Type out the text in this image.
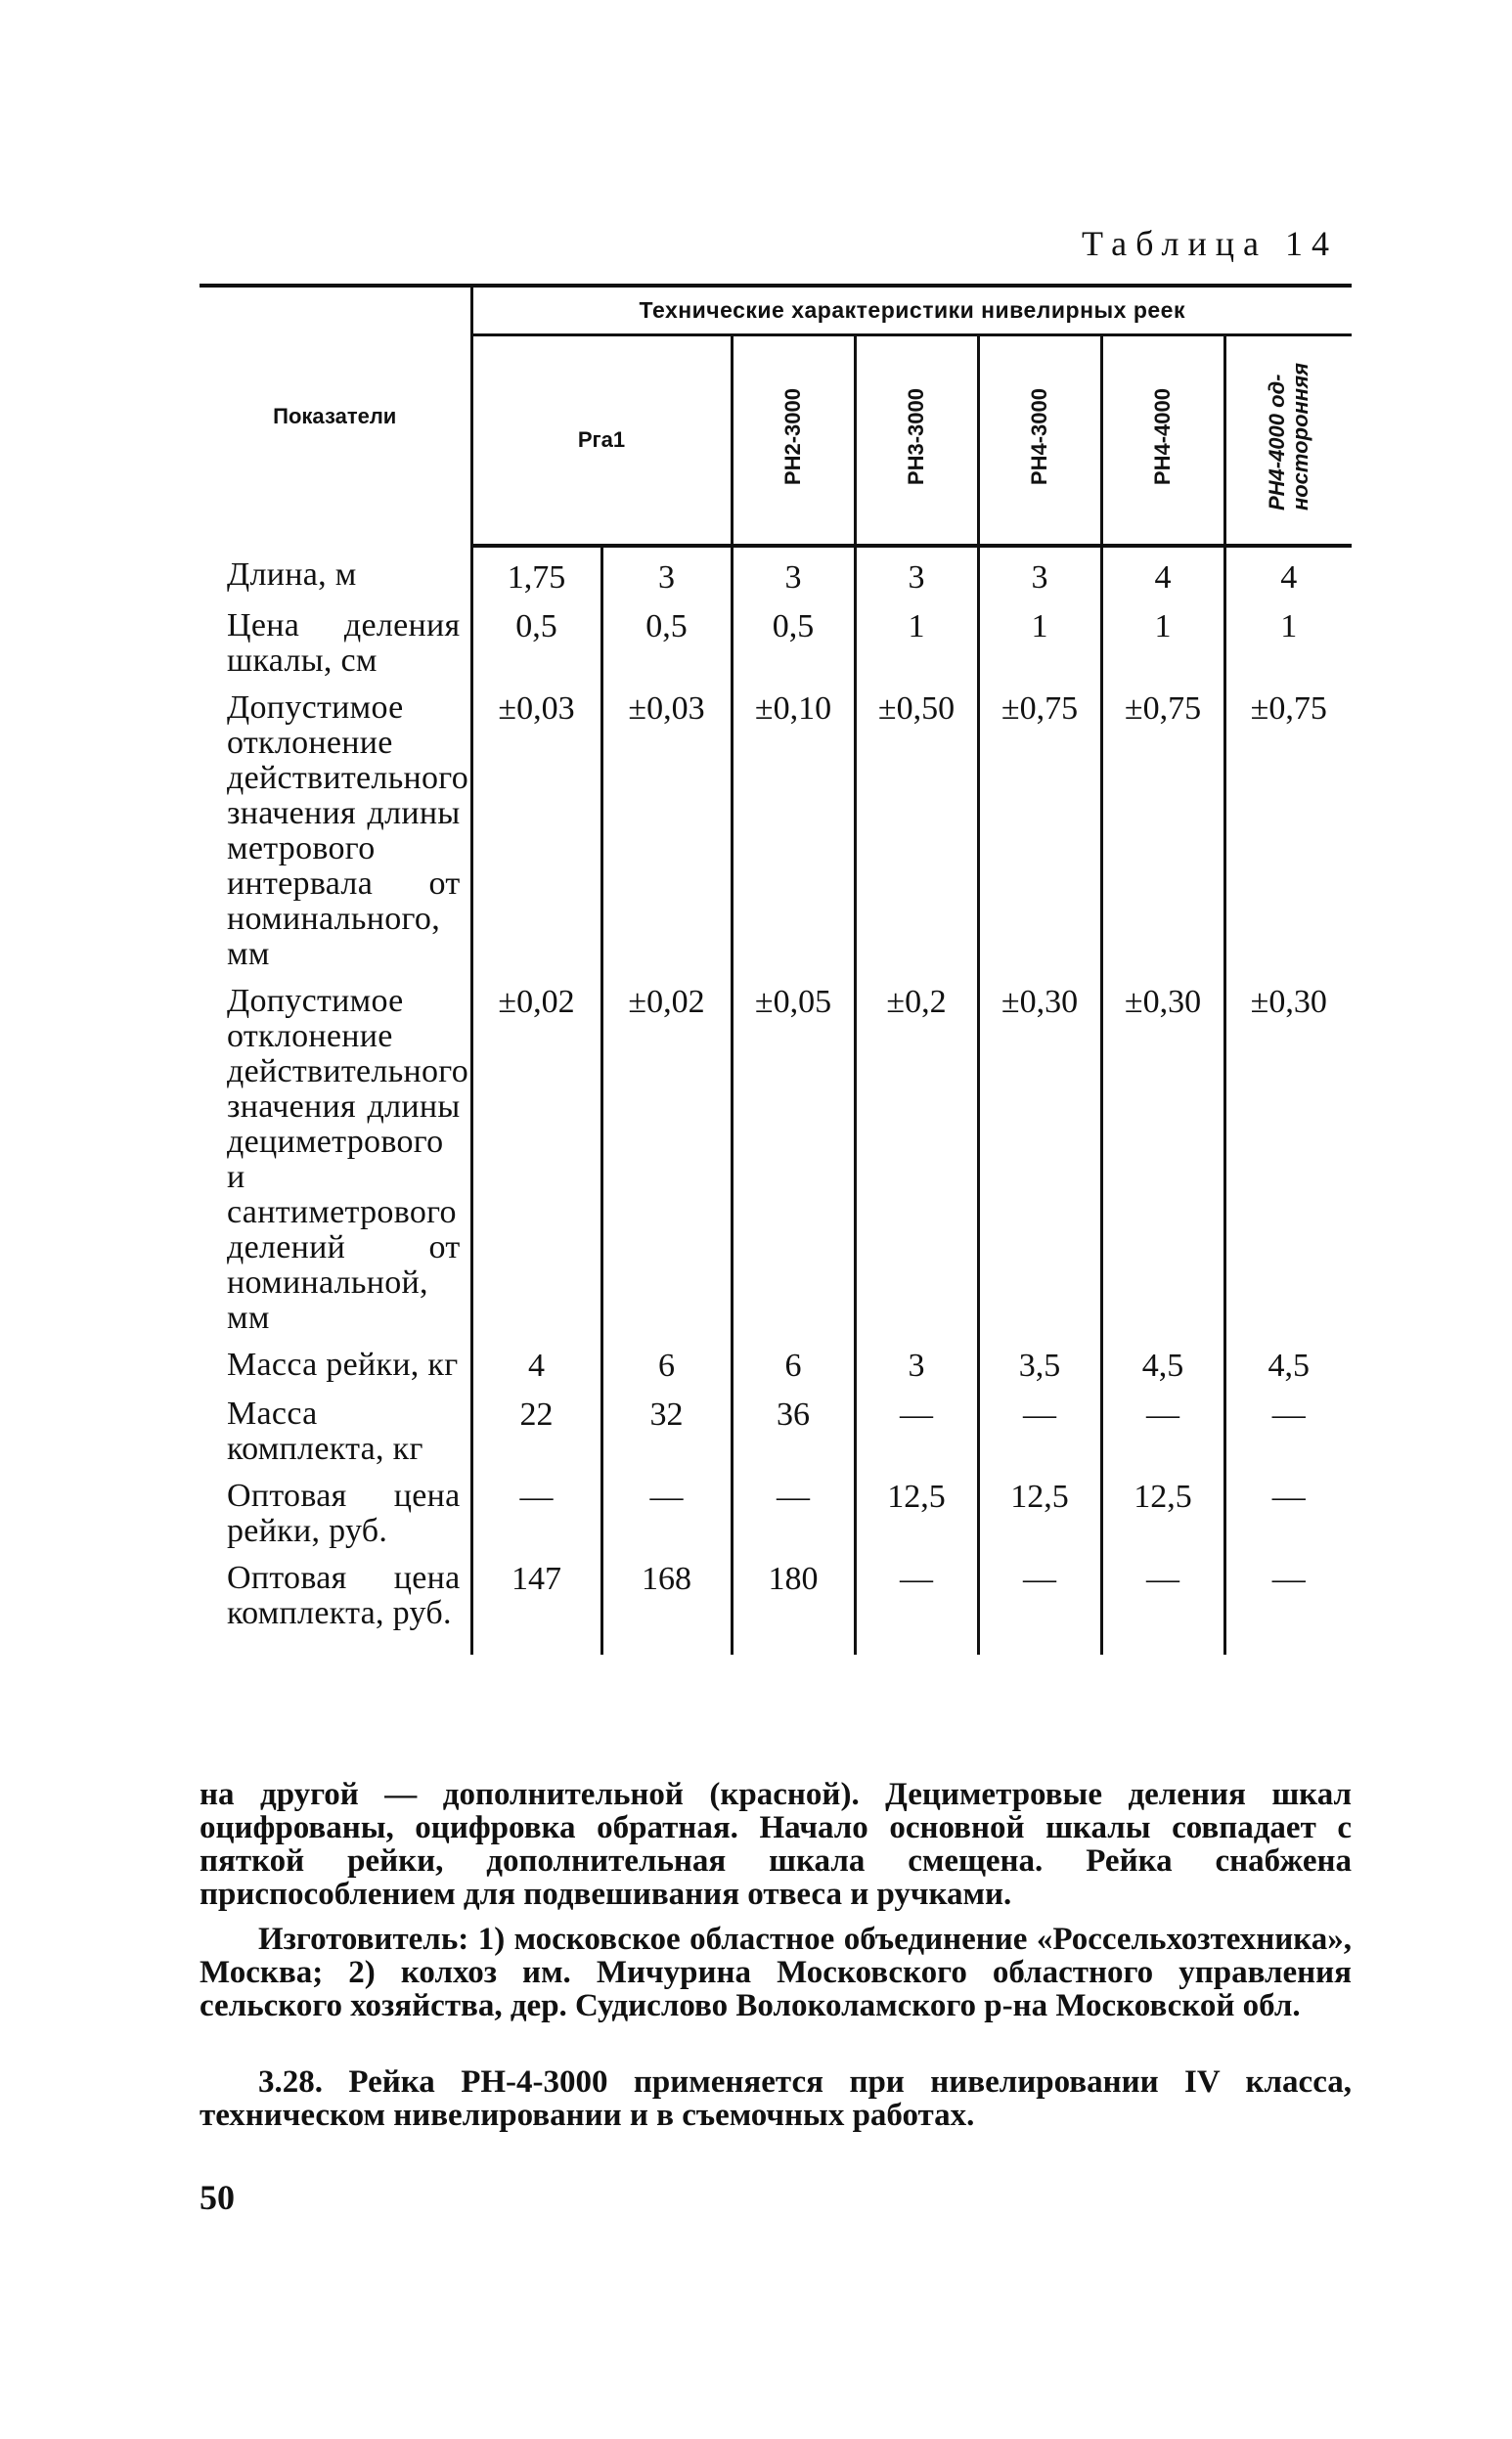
Таблица 14
Показатели	Технические характеристики нивелирных реек						
	Рга1		РН2-3000	РН3-3000	РН4-3000	РН4-4000	РН4-4000 од-
носторонняя
Длина, м	1,75	3	3	3	3	4	4
Цена деления шкалы, см	0,5	0,5	0,5	1	1	1	1
Допустимое отклонение действительного значения длины метрового интервала от номинального, мм	±0,03	±0,03	±0,10	±0,50	±0,75	±0,75	±0,75
Допустимое отклонение действительного значения длины дециметрового и сантиметрового делений от номинальной, мм	±0,02	±0,02	±0,05	±0,2	±0,30	±0,30	±0,30
Масса рейки, кг	4	6	6	3	3,5	4,5	4,5
Масса комплекта, кг	22	32	36	—	—	—	—
Оптовая цена рейки, руб.	—	—	—	12,5	12,5	12,5	—
Оптовая цена комплекта, руб.	147	168	180	—	—	—	—

на другой — дополнительной (красной). Дециметровые деления шкал оцифрованы, оцифровка обратная. Начало основной шкалы совпадает с пяткой рейки, дополнительная шкала смещена. Рейка снабжена приспособлением для подвешивания отвеса и ручками.

Изготовитель: 1) московское областное объединение «Россельхозтехника», Москва; 2) колхоз им. Мичурина Московского областного управления сельского хозяйства, дер. Судислово Волоколамского р-на Московской обл.

3.28. Рейка РН-4-3000 применяется при нивелировании IV класса, техническом нивелировании и в съемочных работах.

50
